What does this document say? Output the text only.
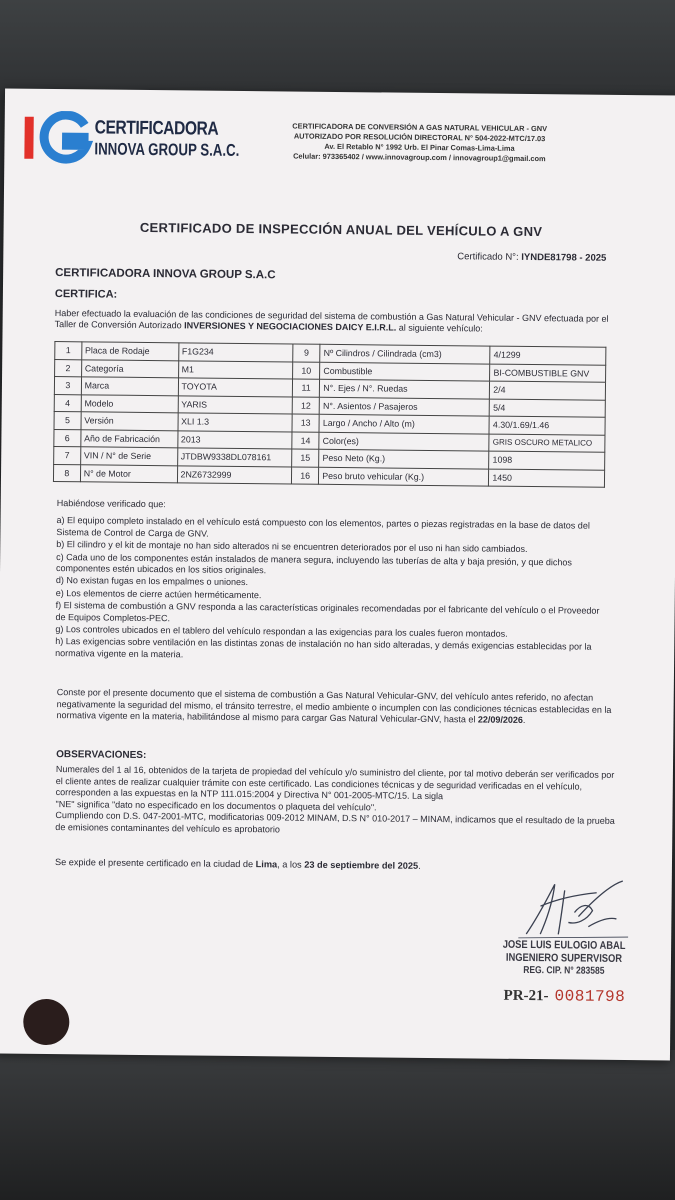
CERTIFICADORA
INNOVA GROUP S.A.C.
CERTIFICADORA DE CONVERSIÓN A GAS NATURAL VEHICULAR - GNV
AUTORIZADO POR RESOLUCIÓN DIRECTORAL N° 504-2022-MTC/17.03
Av. El Retablo N° 1992 Urb. El Pinar Comas-Lima-Lima
Celular: 973365402 / www.innovagroup.com / innovagroup1@gmail.com
CERTIFICADO DE INSPECCIÓN ANUAL DEL VEHÍCULO A GNV
Certificado N°: IYNDE81798 - 2025
CERTIFICADORA INNOVA GROUP S.A.C
CERTIFICA:
Haber efectuado la evaluación de las condiciones de seguridad del sistema de combustión a Gas Natural Vehicular - GNV efectuada por el Taller de Conversión Autorizado INVERSIONES Y NEGOCIACIONES DAICY E.I.R.L. al siguiente vehículo:
1	Placa de Rodaje	F1G234	9	Nº Cilindros / Cilindrada (cm3)	4/1299
2	Categoría	M1	10	Combustible	BI-COMBUSTIBLE GNV
3	Marca	TOYOTA	11	N°. Ejes / N°. Ruedas	2/4
4	Modelo	YARIS	12	N°. Asientos / Pasajeros	5/4
5	Versión	XLI 1.3	13	Largo / Ancho / Alto (m)	4.30/1.69/1.46
6	Año de Fabricación	2013	14	Color(es)	GRIS OSCURO METALICO
7	VIN / N° de Serie	JTDBW9338DL078161	15	Peso Neto (Kg.)	1098
8	N° de Motor	2NZ6732999	16	Peso bruto vehicular (Kg.)	1450

Habiéndose verificado que:

a) El equipo completo instalado en el vehículo está compuesto con los elementos, partes o piezas registradas en la base de datos del Sistema de Control de Carga de GNV.

b) El cilindro y el kit de montaje no han sido alterados ni se encuentren deteriorados por el uso ni han sido cambiados.

c) Cada uno de los componentes están instalados de manera segura, incluyendo las tuberías de alta y baja presión, y que dichos componentes estén ubicados en los sitios originales.

d) No existan fugas en los empalmes o uniones.

e) Los elementos de cierre actúen herméticamente.

f) El sistema de combustión a GNV responda a las características originales recomendadas por el fabricante del vehículo o el Proveedor de Equipos Completos-PEC.

g) Los controles ubicados en el tablero del vehículo respondan a las exigencias para los cuales fueron montados.

h) Las exigencias sobre ventilación en las distintas zonas de instalación no han sido alteradas, y demás exigencias establecidas por la normativa vigente en la materia.

Conste por el presente documento que el sistema de combustión a Gas Natural Vehicular-GNV, del vehículo antes referido, no afectan negativamente la seguridad del mismo, el tránsito terrestre, el medio ambiente o incumplen con las condiciones técnicas establecidas en la normativa vigente en la materia, habilitándose al mismo para cargar Gas Natural Vehicular-GNV, hasta el 22/09/2026.
OBSERVACIONES:

Numerales del 1 al 16, obtenidos de la tarjeta de propiedad del vehículo y/o suministro del cliente, por tal motivo deberán ser verificados por el cliente antes de realizar cualquier trámite con este certificado. Las condiciones técnicas y de seguridad verificadas en el vehículo, corresponden a las expuestas en la NTP 111.015:2004 y Directiva N° 001-2005-MTC/15. La sigla

"NE" significa "dato no especificado en los documentos o plaqueta del vehículo".

Cumpliendo con D.S. 047-2001-MTC, modificatorias 009-2012 MINAM, D.S N° 010-2017 – MINAM, indicamos que el resultado de la prueba de emisiones contaminantes del vehículo es aprobatorio

Se expide el presente certificado en la ciudad de Lima, a los 23 de septiembre del 2025.
JOSE LUIS EULOGIO ABAL
INGENIERO SUPERVISOR
REG. CIP. N° 283585
PR-21- 0081798
